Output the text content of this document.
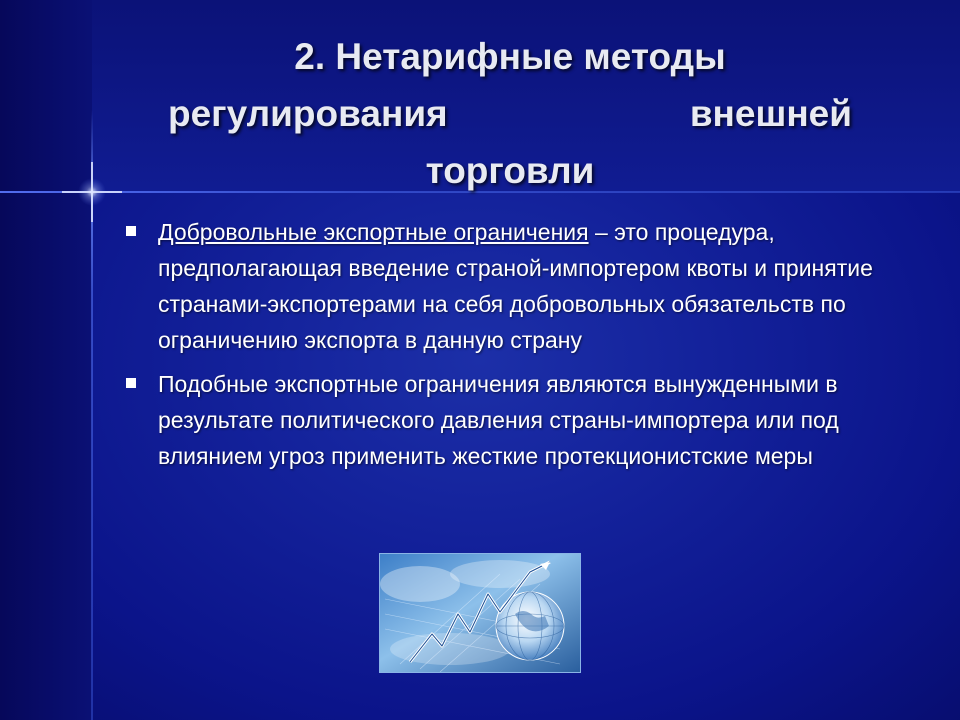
2. Нетарифные методы
регулирования	внешней
торговли
Добровольные экспортные ограничения – это процедура, предполагающая введение страной-импортером квоты и принятие странами-экспортерами на себя добровольных обязательств по ограничению экспорта в данную страну
Подобные экспортные ограничения являются вынужденными в результате политического давления страны-импортера или под влиянием угроз применить жесткие протекционистские меры
